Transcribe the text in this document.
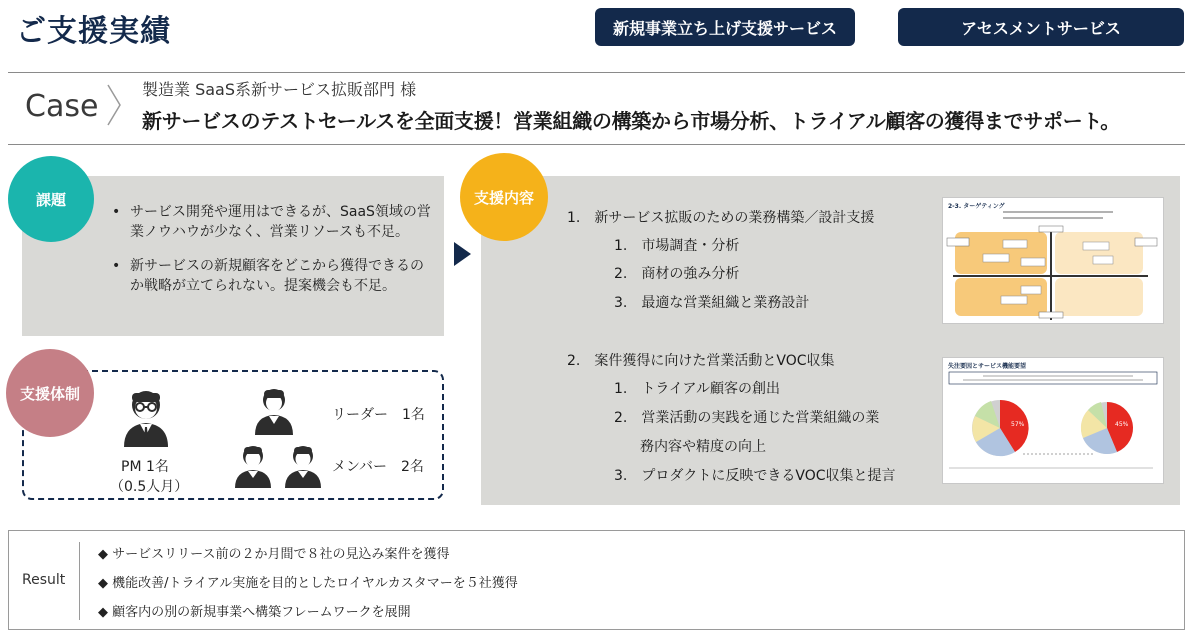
ご支援実績	新規事業立ち上げ支援サービス	アセスメントサービス
Case	製造業 SaaS系新サービス拡販部門 様
新サービスのテストセールスを全面支援！営業組織の構築から市場分析、トライアル顧客の獲得までサポート。
課題
• サービス開発や運用はできるが、SaaS領域の営業ノウハウが少なく、営業リソースも不足。
• 新サービスの新規顧客をどこから獲得できるのか戦略が立てられない。提案機会も不足。
支援体制
PM 1名
（0.5人月）
リーダー　1名
メンバー　2名
支援内容
1.　新サービス拡販のための業務構築／設計支援
1.　市場調査・分析
2.　商材の強み分析
3.　最適な営業組織と業務設計
2.　案件獲得に向けた営業活動とVOC収集
1.　トライアル顧客の創出
2.　営業活動の実践を通じた営業組織の業
務内容や精度の向上
3.　プロダクトに反映できるVOC収集と提言
2-3. ターゲティング
失注要因とサービス機能要望
57%	45%
Result
◆ サービスリリース前の２か月間で８社の見込み案件を獲得
◆ 機能改善/トライアル実施を目的としたロイヤルカスタマーを５社獲得
◆ 顧客内の別の新規事業へ構築フレームワークを展開
